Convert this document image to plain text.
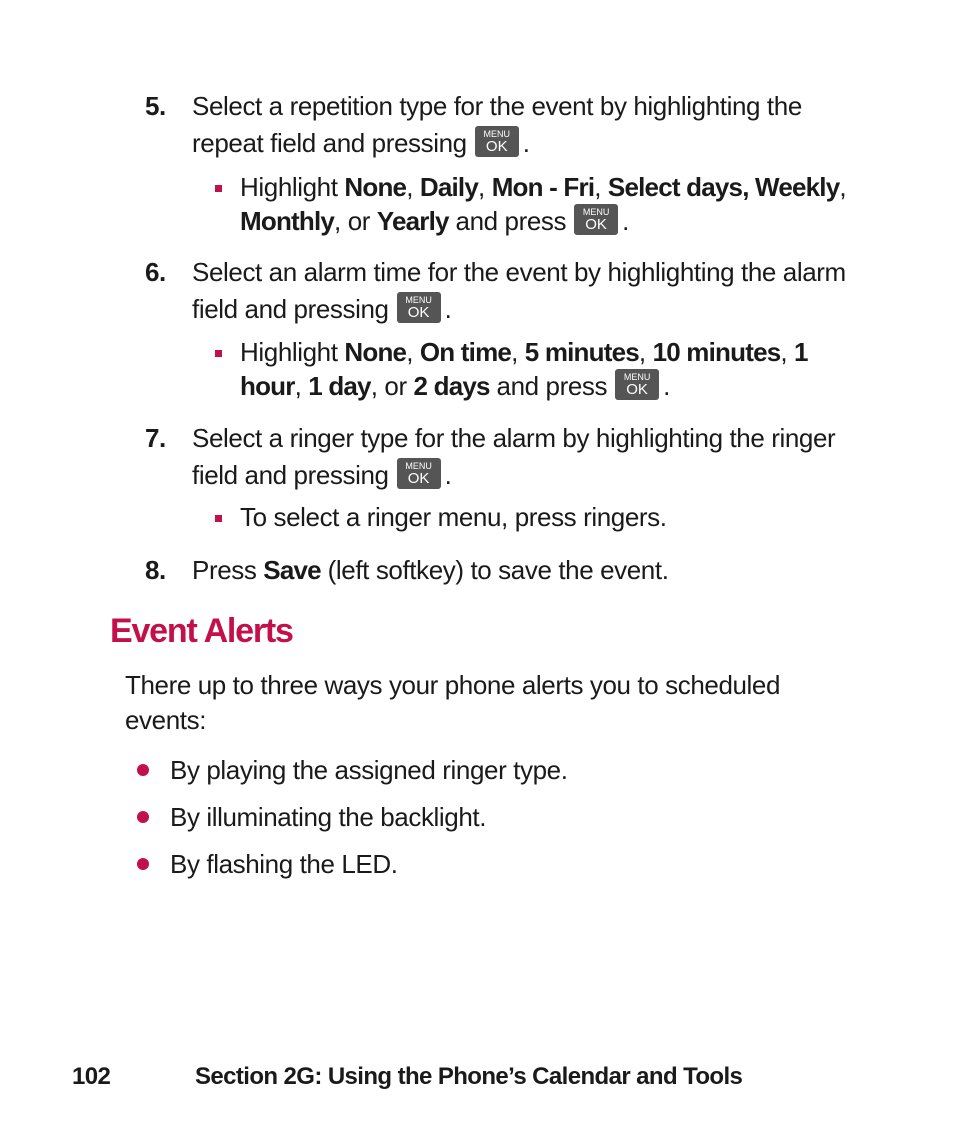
5. Select a repetition type for the event by highlighting the repeat field and pressing	MENU
OK .
Highlight None, Daily, Mon - Fri, Select days, Weekly, Monthly, or Yearly and press	MENU
OK .
6. Select an alarm time for the event by highlighting the alarm field and pressing	MENU
OK .
Highlight None, On time, 5 minutes, 10 minutes, 1 hour, 1 day, or 2 days and press	MENU
OK .
7. Select a ringer type for the alarm by highlighting the ringer field and pressing	MENU
OK .
To select a ringer menu, press ringers.
8. Press Save (left softkey) to save the event.
Event Alerts
There up to three ways your phone alerts you to scheduled events:
By playing the assigned ringer type.
By illuminating the backlight.
By flashing the LED.
102	Section 2G: Using the Phone’s Calendar and Tools
